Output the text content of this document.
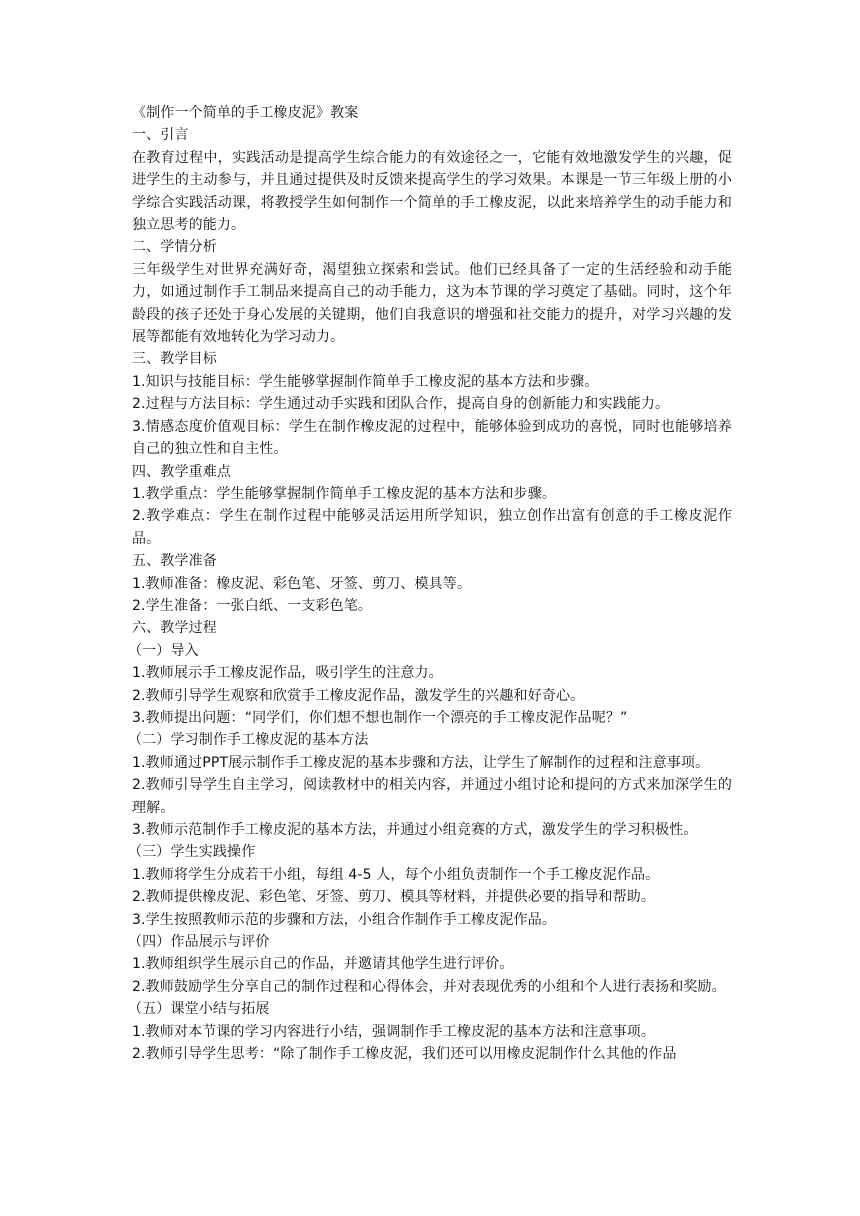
《制作一个简单的手工橡皮泥》教案

一、引言

在教育过程中，实践活动是提高学生综合能力的有效途径之一，它能有效地激发学生的兴趣，促进学生的主动参与，并且通过提供及时反馈来提高学生的学习效果。本课是一节三年级上册的小学综合实践活动课，将教授学生如何制作一个简单的手工橡皮泥，以此来培养学生的动手能力和独立思考的能力。

二、学情分析

三年级学生对世界充满好奇，渴望独立探索和尝试。他们已经具备了一定的生活经验和动手能力，如通过制作手工制品来提高自己的动手能力，这为本节课的学习奠定了基础。同时，这个年龄段的孩子还处于身心发展的关键期，他们自我意识的增强和社交能力的提升，对学习兴趣的发展等都能有效地转化为学习动力。

三、教学目标

1.知识与技能目标：学生能够掌握制作简单手工橡皮泥的基本方法和步骤。

2.过程与方法目标：学生通过动手实践和团队合作，提高自身的创新能力和实践能力。

3.情感态度价值观目标：学生在制作橡皮泥的过程中，能够体验到成功的喜悦，同时也能够培养自己的独立性和自主性。

四、教学重难点

1.教学重点：学生能够掌握制作简单手工橡皮泥的基本方法和步骤。

2.教学难点：学生在制作过程中能够灵活运用所学知识，独立创作出富有创意的手工橡皮泥作品。

五、教学准备

1.教师准备：橡皮泥、彩色笔、牙签、剪刀、模具等。

2.学生准备：一张白纸、一支彩色笔。

六、教学过程

（一）导入

1.教师展示手工橡皮泥作品，吸引学生的注意力。

2.教师引导学生观察和欣赏手工橡皮泥作品，激发学生的兴趣和好奇心。

3.教师提出问题：“同学们，你们想不想也制作一个漂亮的手工橡皮泥作品呢？”

（二）学习制作手工橡皮泥的基本方法

1.教师通过PPT展示制作手工橡皮泥的基本步骤和方法，让学生了解制作的过程和注意事项。

2.教师引导学生自主学习，阅读教材中的相关内容，并通过小组讨论和提问的方式来加深学生的理解。

3.教师示范制作手工橡皮泥的基本方法，并通过小组竞赛的方式，激发学生的学习积极性。

（三）学生实践操作

1.教师将学生分成若干小组，每组 4-5 人，每个小组负责制作一个手工橡皮泥作品。

2.教师提供橡皮泥、彩色笔、牙签、剪刀、模具等材料，并提供必要的指导和帮助。

3.学生按照教师示范的步骤和方法，小组合作制作手工橡皮泥作品。

（四）作品展示与评价

1.教师组织学生展示自己的作品，并邀请其他学生进行评价。

2.教师鼓励学生分享自己的制作过程和心得体会，并对表现优秀的小组和个人进行表扬和奖励。

（五）课堂小结与拓展

1.教师对本节课的学习内容进行小结，强调制作手工橡皮泥的基本方法和注意事项。

2.教师引导学生思考：“除了制作手工橡皮泥，我们还可以用橡皮泥制作什么其他的作品
